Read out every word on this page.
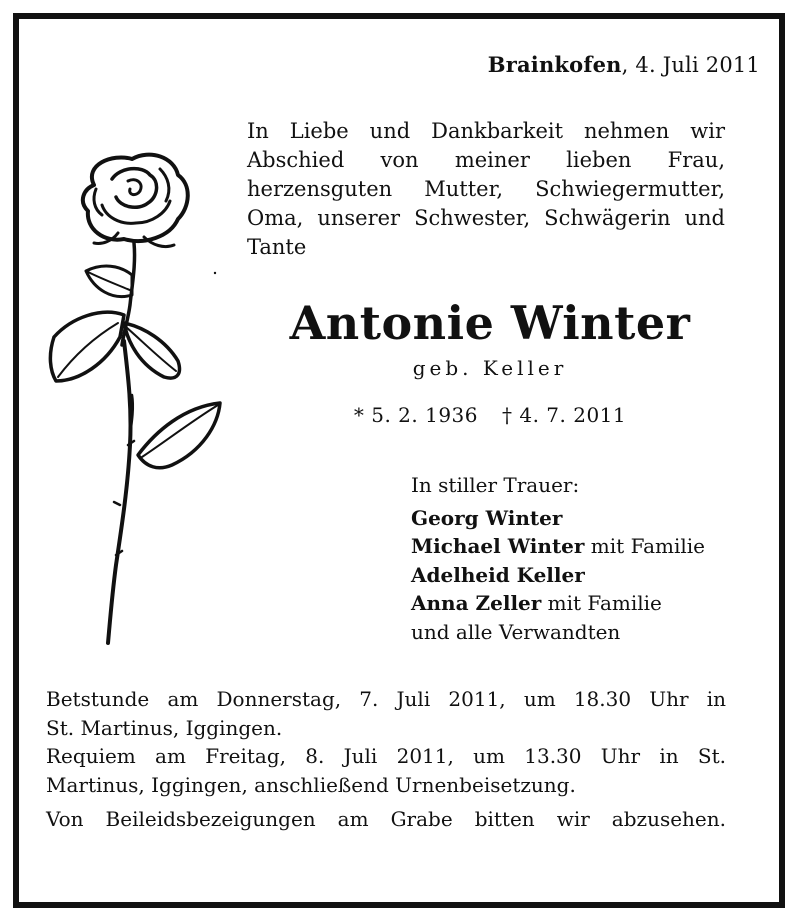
Brainkofen, 4. Juli 2011
In Liebe und Dankbarkeit nehmen wir
Abschied von meiner lieben Frau,
herzensguten Mutter, Schwiegermutter,
Oma, unserer Schwester, Schwägerin und
Tante
Antonie Winter
geb. Keller
* 5. 2. 1936 † 4. 7. 2011
In stiller Trauer:
Georg Winter
Michael Winter mit Familie
Adelheid Keller
Anna Zeller mit Familie
und alle Verwandten
Betstunde am Donnerstag, 7. Juli 2011, um 18.30 Uhr in
St. Martinus, Iggingen.
Requiem am Freitag, 8. Juli 2011, um 13.30 Uhr in St.
Martinus, Iggingen, anschließend Urnenbeisetzung.
Von Beileidsbezeigungen am Grabe bitten wir abzusehen.
